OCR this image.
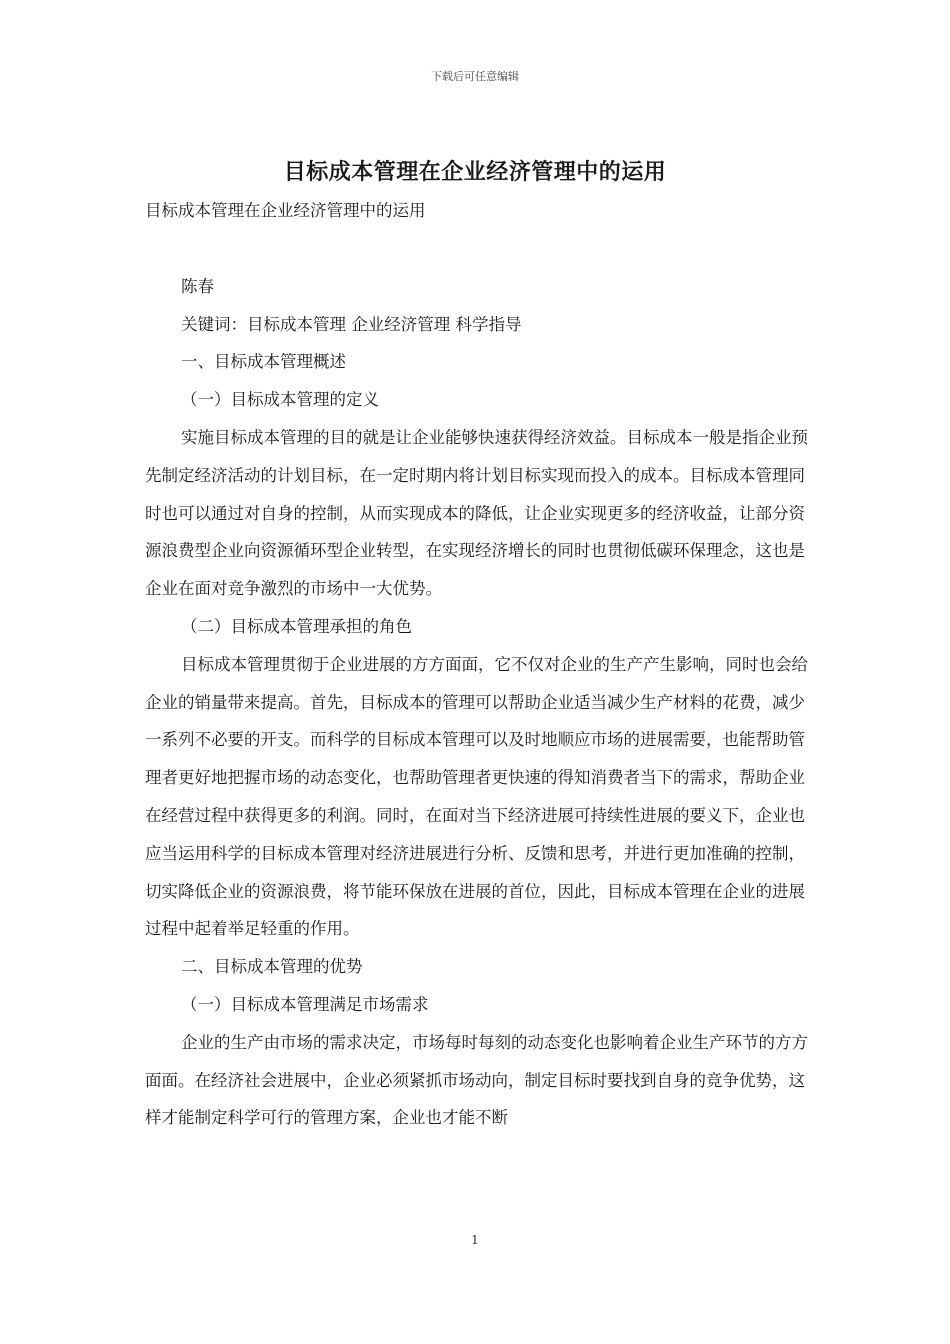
下载后可任意编辑
目标成本管理在企业经济管理中的运用

目标成本管理在企业经济管理中的运用

陈春

关键词：目标成本管理 企业经济管理 科学指导

一、目标成本管理概述

（一）目标成本管理的定义

实施目标成本管理的目的就是让企业能够快速获得经济效益。目标成本一般是指企业预先制定经济活动的计划目标，在一定时期内将计划目标实现而投入的成本。目标成本管理同时也可以通过对自身的控制，从而实现成本的降低，让企业实现更多的经济收益，让部分资源浪费型企业向资源循环型企业转型，在实现经济增长的同时也贯彻低碳环保理念，这也是企业在面对竞争激烈的市场中一大优势。

（二）目标成本管理承担的角色

目标成本管理贯彻于企业进展的方方面面，它不仅对企业的生产产生影响，同时也会给企业的销量带来提高。首先，目标成本的管理可以帮助企业适当减少生产材料的花费，减少一系列不必要的开支。而科学的目标成本管理可以及时地顺应市场的进展需要，也能帮助管理者更好地把握市场的动态变化，也帮助管理者更快速的得知消费者当下的需求，帮助企业在经营过程中获得更多的利润。同时，在面对当下经济进展可持续性进展的要义下，企业也应当运用科学的目标成本管理对经济进展进行分析、反馈和思考，并进行更加准确的控制，切实降低企业的资源浪费，将节能环保放在进展的首位，因此，目标成本管理在企业的进展过程中起着举足轻重的作用。

二、目标成本管理的优势

（一）目标成本管理满足市场需求

企业的生产由市场的需求决定，市场每时每刻的动态变化也影响着企业生产环节的方方面面。在经济社会进展中，企业必须紧抓市场动向，制定目标时要找到自身的竞争优势，这样才能制定科学可行的管理方案，企业也才能不断

1
